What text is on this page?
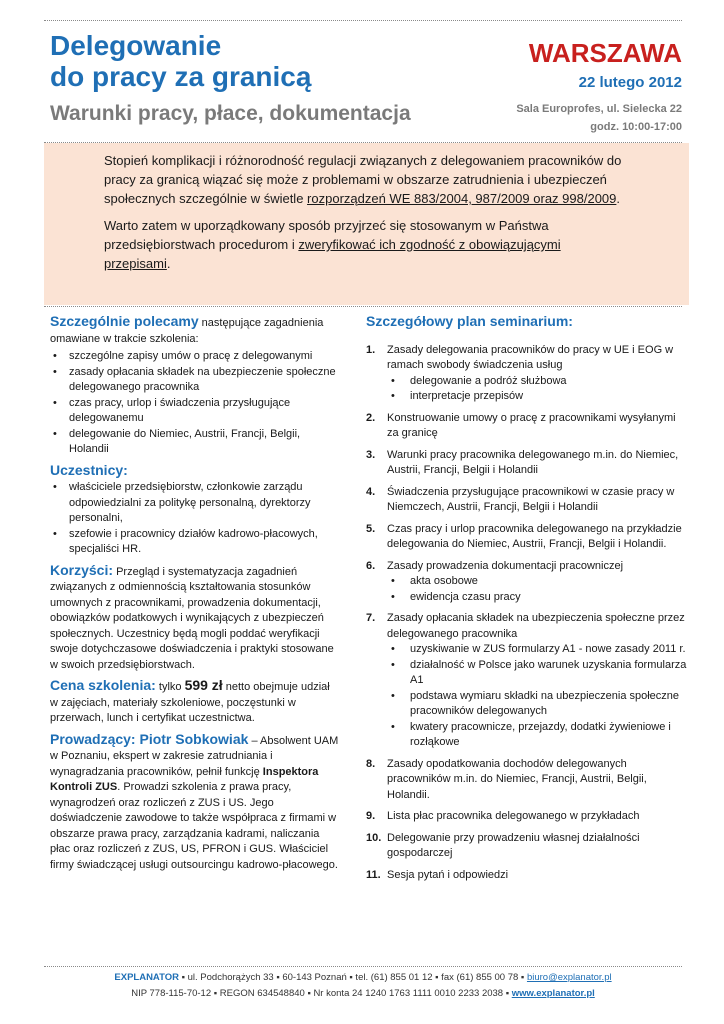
Delegowanie
do pracy za granicą
Warunki pracy, płace, dokumentacja
WARSZAWA
22 lutego 2012
Sala Europrofes, ul. Sielecka 22
godz. 10:00-17:00

Stopień komplikacji i różnorodność regulacji związanych z delegowaniem pracowników do pracy za granicą wiązać się może z problemami w obszarze zatrudnienia i ubezpieczeń społecznych szczególnie w świetle rozporządzeń WE 883/2004, 987/2009 oraz 998/2009.

Warto zatem w uporządkowany sposób przyjrzeć się stosowanym w Państwa przedsiębiorstwach procedurom i zweryfikować ich zgodność z obowiązującymi przepisami.

Szczególnie polecamy następujące zagadnienia omawiane w trakcie szkolenia:
• szczególne zapisy umów o pracę z delegowanymi
• zasady opłacania składek na ubezpieczenie społeczne delegowanego pracownika
• czas pracy, urlop i świadczenia przysługujące delegowanemu
• delegowanie do Niemiec, Austrii, Francji, Belgii, Holandii
Uczestnicy:
• właściciele przedsiębiorstw, członkowie zarządu odpowiedzialni za politykę personalną, dyrektorzy personalni,
• szefowie i pracownicy działów kadrowo-płacowych, specjaliści HR.
Korzyści: Przegląd i systematyzacja zagadnień związanych z odmiennością kształtowania stosunków umownych z pracownikami, prowadzenia dokumentacji, obowiązków podatkowych i wynikających z ubezpieczeń społecznych. Uczestnicy będą mogli poddać weryfikacji swoje dotychczasowe doświadczenia i praktyki stosowane w swoich przedsiębiorstwach.
Cena szkolenia: tylko 599 zł netto obejmuje udział w zajęciach, materiały szkoleniowe, poczęstunki w przerwach, lunch i certyfikat uczestnictwa.
Prowadzący: Piotr Sobkowiak – Absolwent UAM w Poznaniu, ekspert w zakresie zatrudniania i wynagradzania pracowników, pełnił funkcję Inspektora Kontroli ZUS. Prowadzi szkolenia z prawa pracy, wynagrodzeń oraz rozliczeń z ZUS i US. Jego doświadczenie zawodowe to także współpraca z firmami w obszarze prawa pracy, zarządzania kadrami, naliczania płac oraz rozliczeń z ZUS, US, PFRON i GUS. Właściciel firmy świadczącej usługi outsourcingu kadrowo-płacowego.
Szczegółowy plan seminarium:
1. Zasady delegowania pracowników do pracy w UE i EOG w ramach swobody świadczenia usług
• delegowanie a podróż służbowa
• interpretacje przepisów
2. Konstruowanie umowy o pracę z pracownikami wysyłanymi za granicę
3. Warunki pracy pracownika delegowanego m.in. do Niemiec, Austrii, Francji, Belgii i Holandii
4. Świadczenia przysługujące pracownikowi w czasie pracy w Niemczech, Austrii, Francji, Belgii i Holandii
5. Czas pracy i urlop pracownika delegowanego na przykładzie delegowania do Niemiec, Austrii, Francji, Belgii i Holandii.
6. Zasady prowadzenia dokumentacji pracowniczej
• akta osobowe
• ewidencja czasu pracy
7. Zasady opłacania składek na ubezpieczenia społeczne przez delegowanego pracownika
• uzyskiwanie w ZUS formularzy A1 - nowe zasady 2011 r.
• działalność w Polsce jako warunek uzyskania formularza A1
• podstawa wymiaru składki na ubezpieczenia społeczne pracowników delegowanych
• kwatery pracownicze, przejazdy, dodatki żywieniowe i rozłąkowe
8. Zasady opodatkowania dochodów delegowanych pracowników m.in. do Niemiec, Francji, Austrii, Belgii, Holandii.
9. Lista płac pracownika delegowanego w przykładach
10. Delegowanie przy prowadzeniu własnej działalności gospodarczej
11. Sesja pytań i odpowiedzi
EXPLANATOR ▪ ul. Podchorążych 33 ▪ 60-143 Poznań ▪ tel. (61) 855 01 12 ▪ fax (61) 855 00 78 ▪ biuro@explanator.pl
NIP 778-115-70-12 ▪ REGON 634548840 ▪ Nr konta 24 1240 1763 1111 0010 2233 2038 ▪ www.explanator.pl
